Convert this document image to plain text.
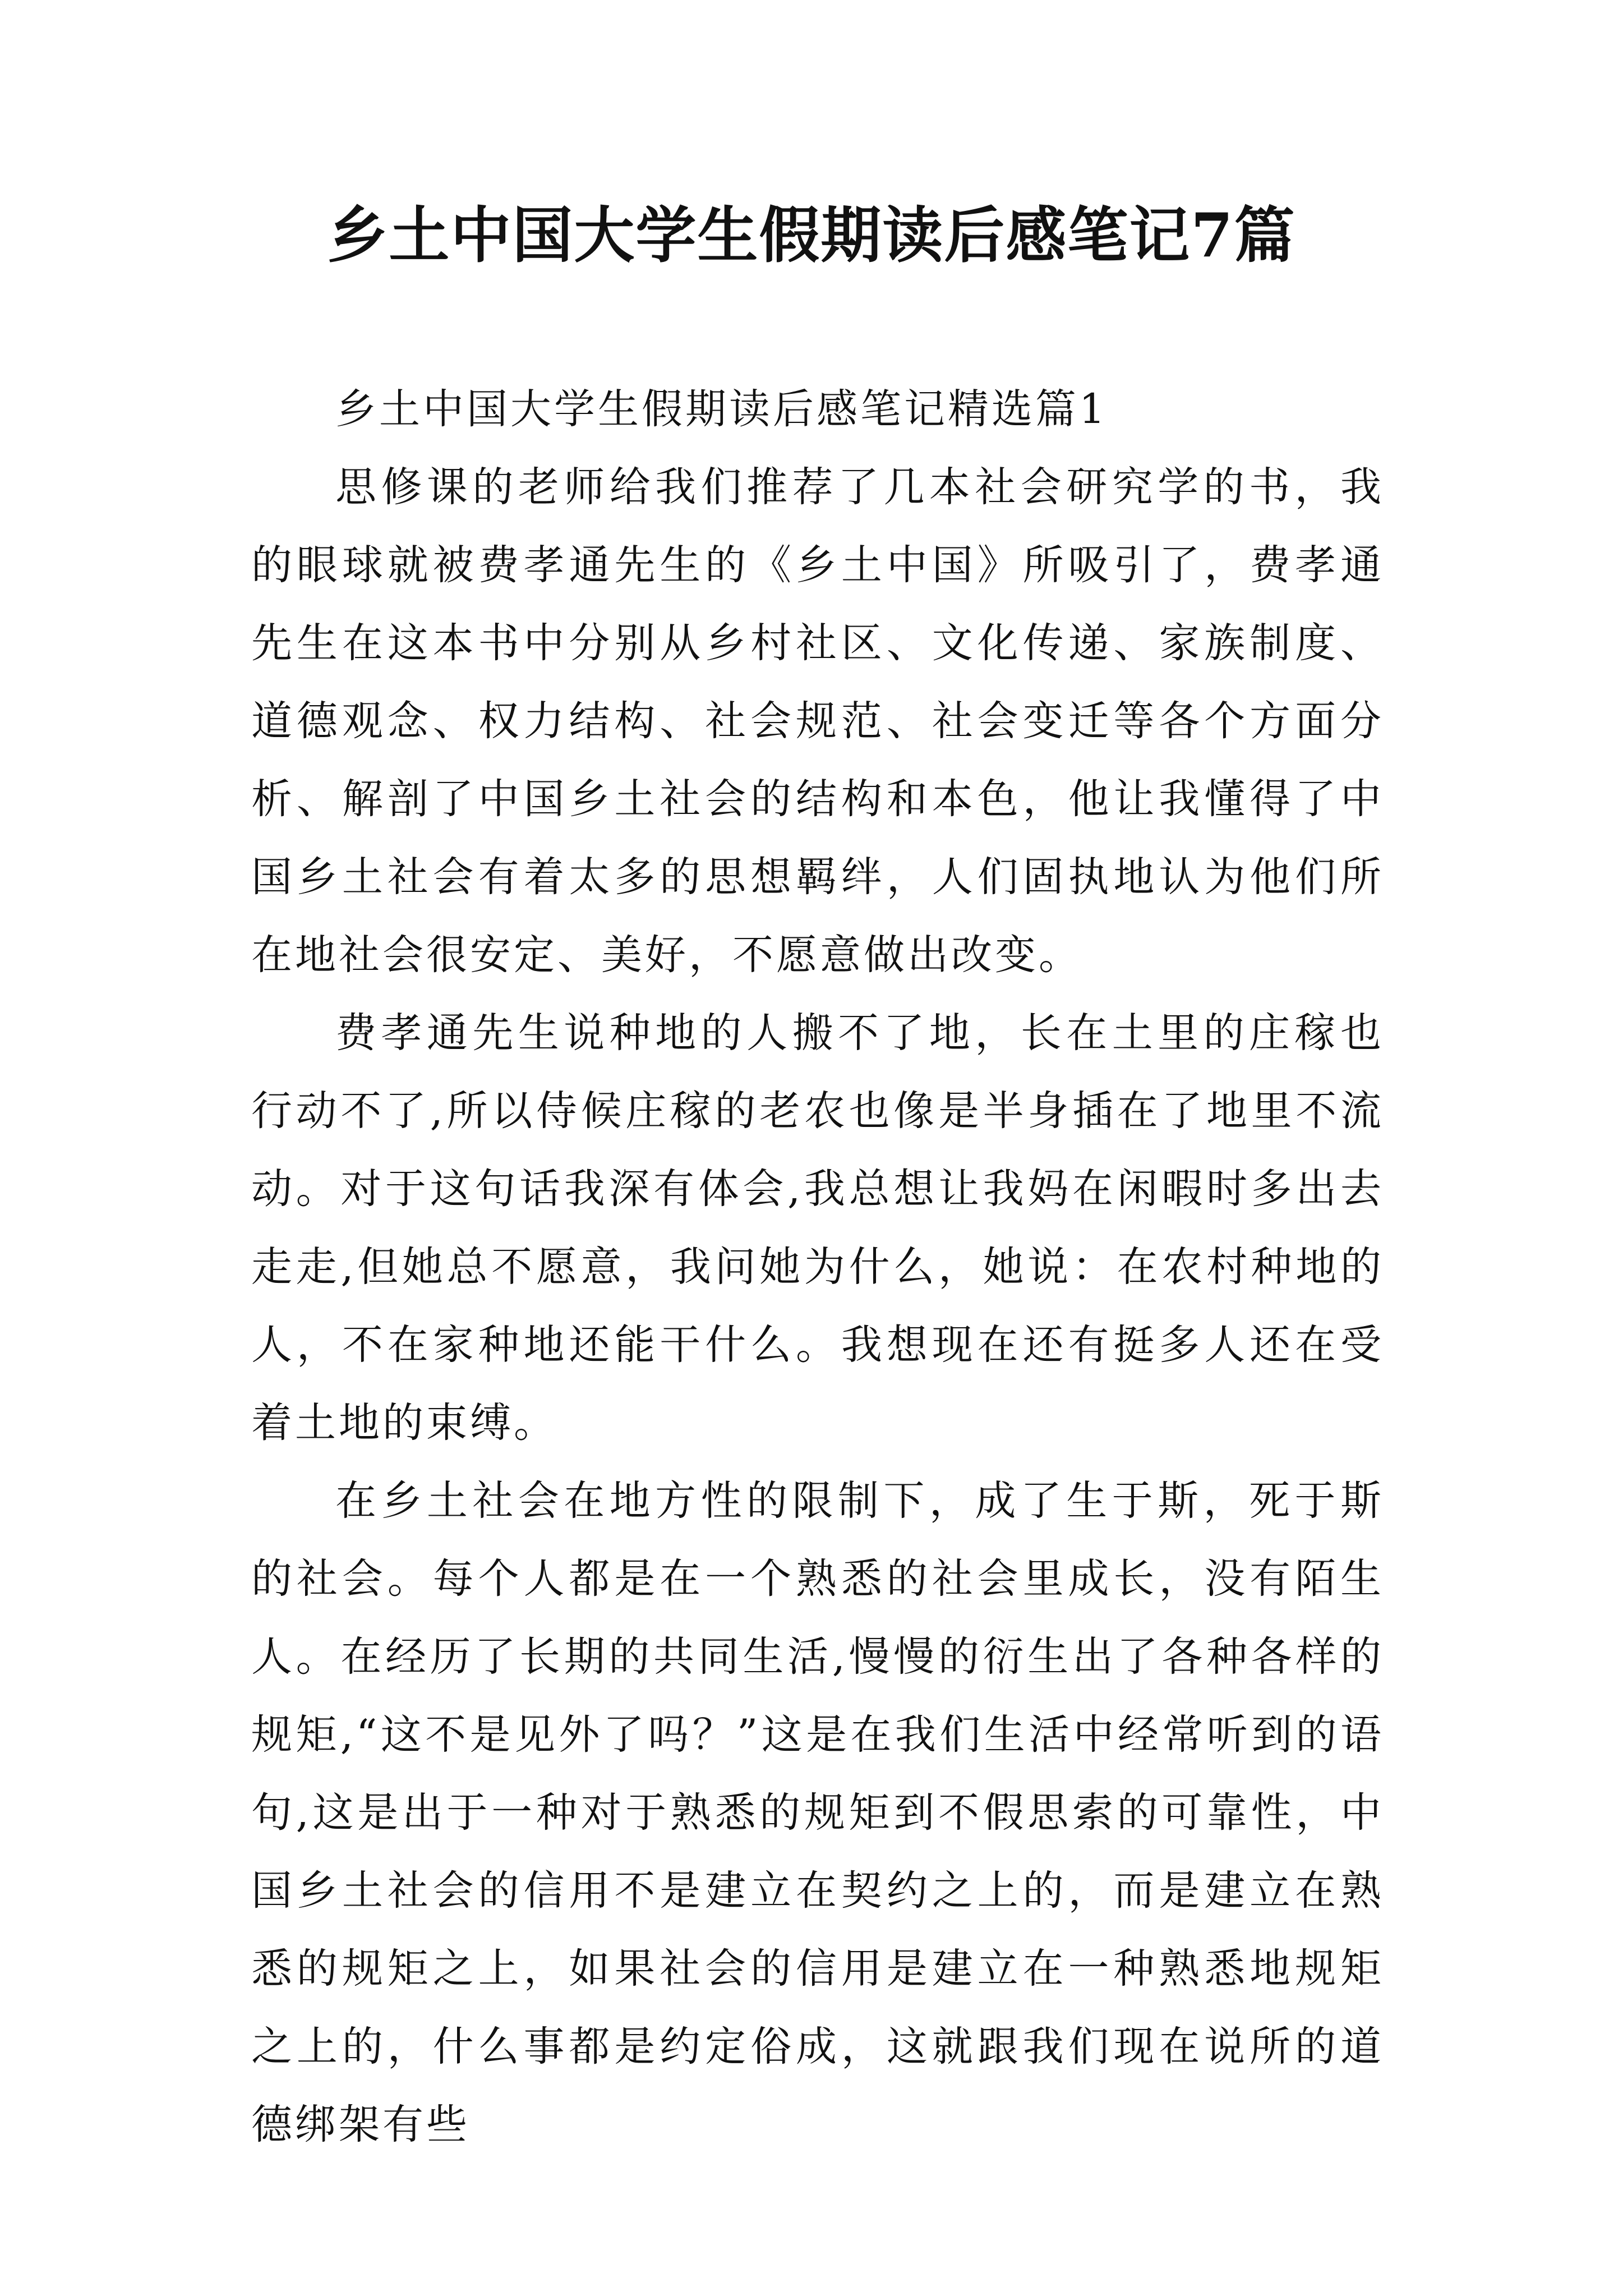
乡土中国大学生假期读后感笔记7篇

乡土中国大学生假期读后感笔记精选篇1

思修课的老师给我们推荐了几本社会研究学的书，我的眼球就被费孝通先生的《乡土中国》所吸引了，费孝通先生在这本书中分别从乡村社区、文化传递、家族制度、道德观念、权力结构、社会规范、社会变迁等各个方面分析、解剖了中国乡土社会的结构和本色，他让我懂得了中国乡土社会有着太多的思想羁绊，人们固执地认为他们所在地社会很安定、美好，不愿意做出改变。

费孝通先生说种地的人搬不了地，长在土里的庄稼也行动不了,所以侍候庄稼的老农也像是半身插在了地里不流动。对于这句话我深有体会,我总想让我妈在闲暇时多出去走走,但她总不愿意，我问她为什么，她说：在农村种地的人，不在家种地还能干什么。我想现在还有挺多人还在受着土地的束缚。

在乡土社会在地方性的限制下，成了生于斯，死于斯的社会。每个人都是在一个熟悉的社会里成长，没有陌生人。在经历了长期的共同生活,慢慢的衍生出了各种各样的规矩,“这不是见外了吗？”这是在我们生活中经常听到的语句,这是出于一种对于熟悉的规矩到不假思索的可靠性，中国乡土社会的信用不是建立在契约之上的，而是建立在熟悉的规矩之上，如果社会的信用是建立在一种熟悉地规矩之上的，什么事都是约定俗成，这就跟我们现在说所的道德绑架有些
